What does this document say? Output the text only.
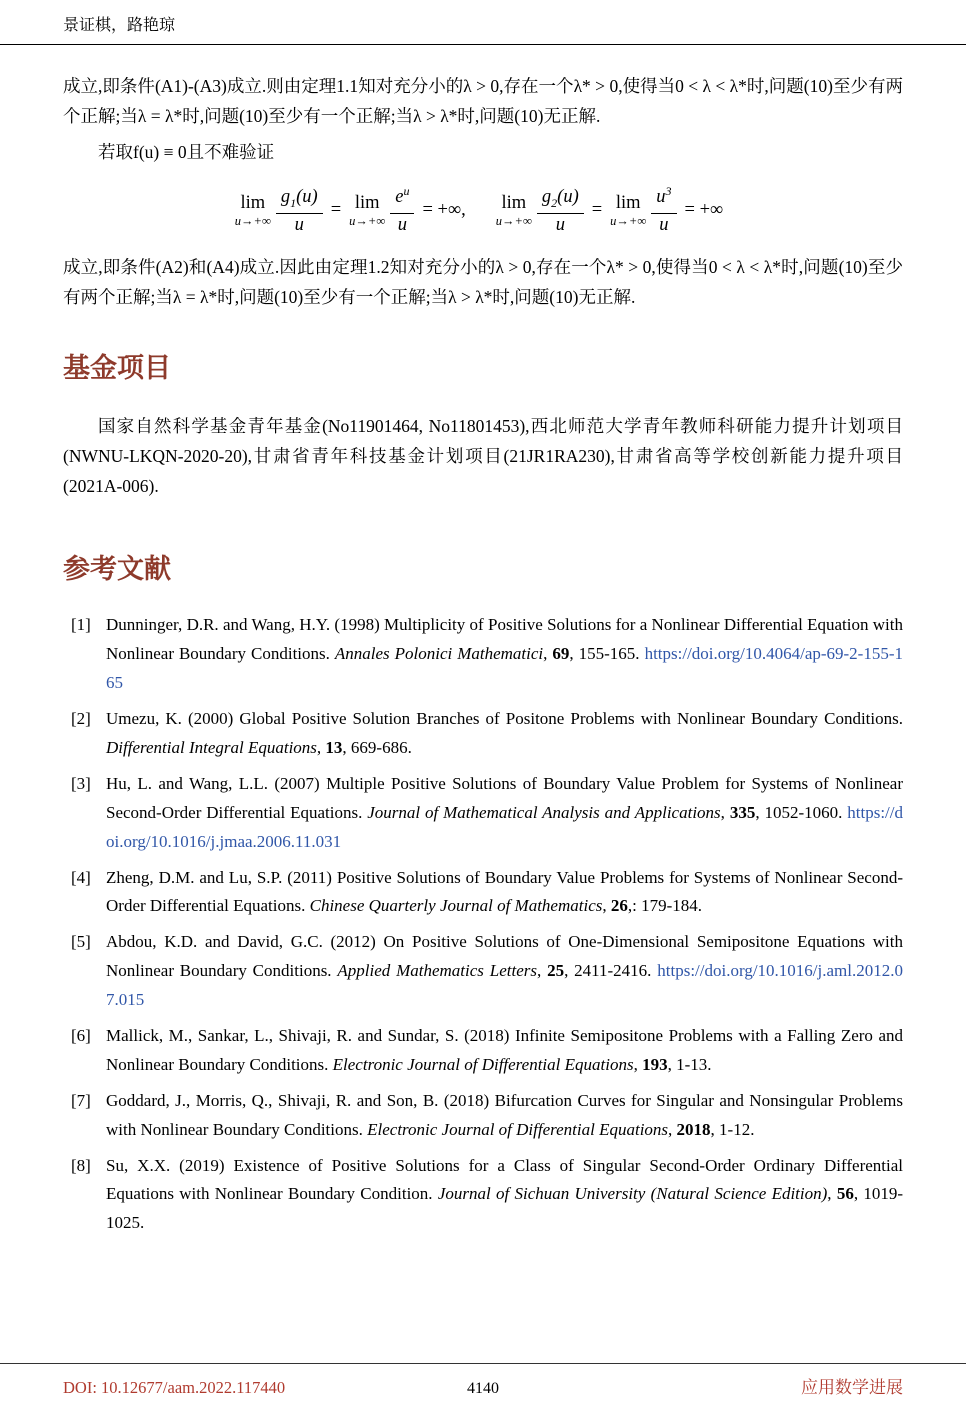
景证棋，路艳琼

成立,即条件(A1)-(A3)成立.则由定理1.1知对充分小的λ > 0,存在一个λ* > 0,使得当0 < λ < λ*时,问题(10)至少有两个正解;当λ = λ*时,问题(10)至少有一个正解;当λ > λ*时,问题(10)无正解.

若取f(u) ≡ 0且不难验证

lim
$u\to+\infty \frac{g_1(u)}{u} = \lim$
$u\to+\infty \frac{e^u}{u}$ = +∞, lim
$u\to+\infty \frac{g_2(u)}{u} = \lim$
$u\to+\infty \frac{u^3}{u}$ = +∞

成立,即条件(A2)和(A4)成立.因此由定理1.2知对充分小的λ > 0,存在一个λ* > 0,使得当0 < λ < λ*时,问题(10)至少有两个正解;当λ = λ*时,问题(10)至少有一个正解;当λ > λ*时,问题(10)无正解.

基金项目

国家自然科学基金青年基金(No11901464, No11801453),西北师范大学青年教师科研能力提升计划项目(NWNU-LKQN-2020-20),甘肃省青年科技基金计划项目(21JR1RA230),甘肃省高等学校创新能力提升项目(2021A-006).

参考文献
[1] Dunninger, D.R. and Wang, H.Y. (1998) Multiplicity of Positive Solutions for a Nonlinear Differential Equation with Nonlinear Boundary Conditions. Annales Polonici Mathematici, 69, 155-165. https://doi.org/10.4064/ap-69-2-155-165
[2] Umezu, K. (2000) Global Positive Solution Branches of Positone Problems with Nonlinear Boundary Conditions. Differential Integral Equations, 13, 669-686.
[3] Hu, L. and Wang, L.L. (2007) Multiple Positive Solutions of Boundary Value Problem for Systems of Nonlinear Second-Order Differential Equations. Journal of Mathematical Analysis and Applications, 335, 1052-1060. https://doi.org/10.1016/j.jmaa.2006.11.031
[4] Zheng, D.M. and Lu, S.P. (2011) Positive Solutions of Boundary Value Problems for Systems of Nonlinear Second-Order Differential Equations. Chinese Quarterly Journal of Mathematics, 26,: 179-184.
[5] Abdou, K.D. and David, G.C. (2012) On Positive Solutions of One-Dimensional Semipositone Equations with Nonlinear Boundary Conditions. Applied Mathematics Letters, 25, 2411-2416. https://doi.org/10.1016/j.aml.2012.07.015
[6] Mallick, M., Sankar, L., Shivaji, R. and Sundar, S. (2018) Infinite Semipositone Problems with a Falling Zero and Nonlinear Boundary Conditions. Electronic Journal of Differential Equations, 193, 1-13.
[7] Goddard, J., Morris, Q., Shivaji, R. and Son, B. (2018) Bifurcation Curves for Singular and Nonsingular Problems with Nonlinear Boundary Conditions. Electronic Journal of Differential Equations, 2018, 1-12.
[8] Su, X.X. (2019) Existence of Positive Solutions for a Class of Singular Second-Order Ordinary Differential Equations with Nonlinear Boundary Condition. Journal of Sichuan University (Natural Science Edition), 56, 1019-1025.
DOI: 10.12677/aam.2022.117440	4140	应用数学进展
